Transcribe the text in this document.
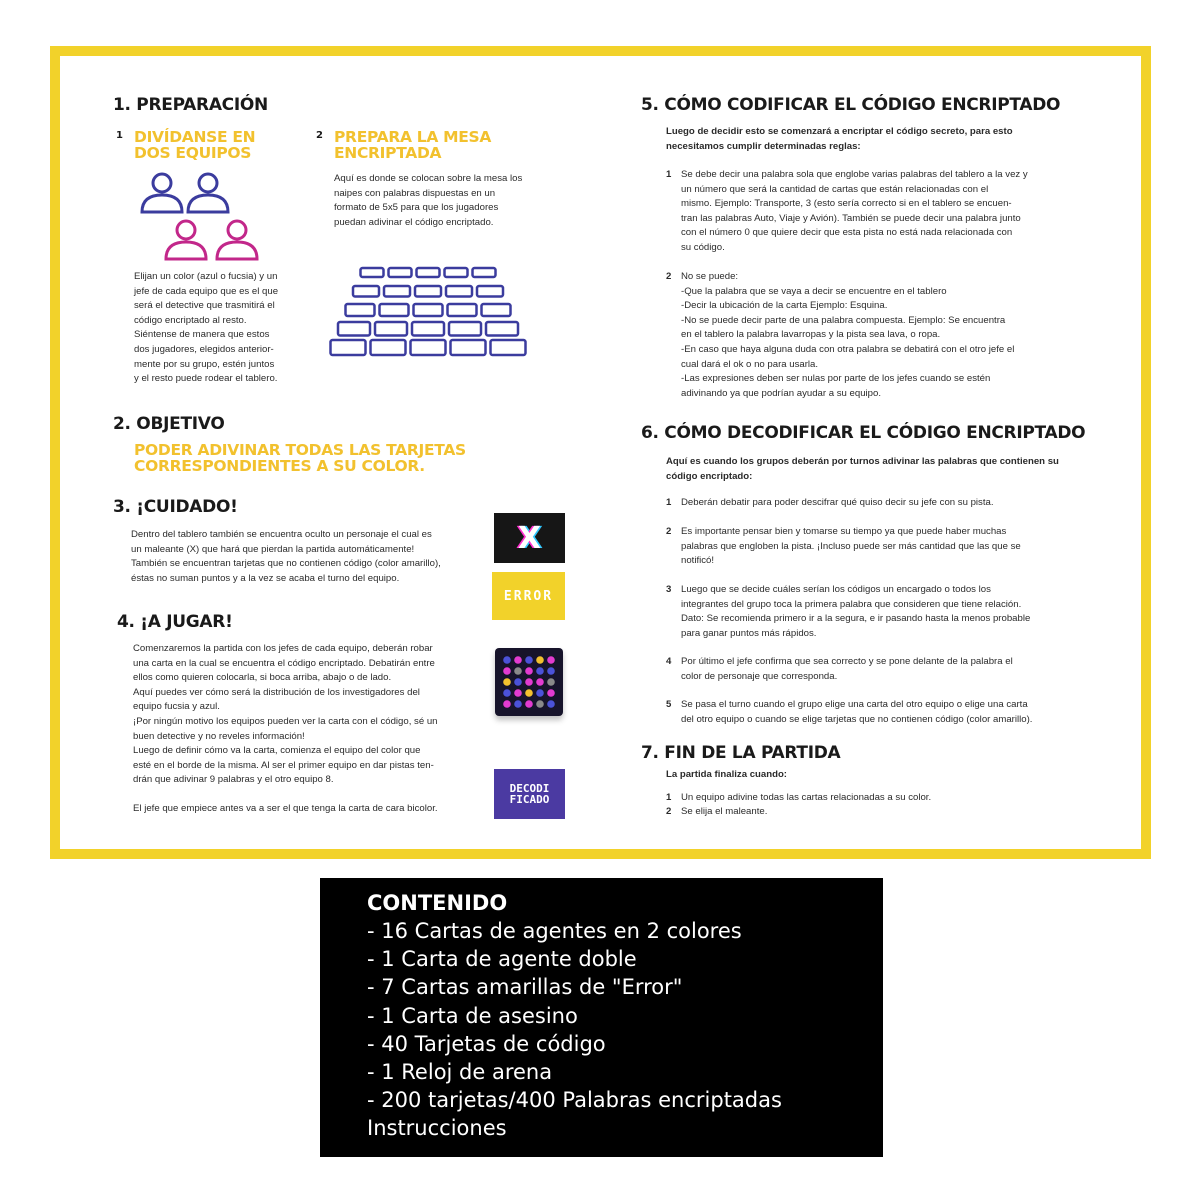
1. PREPARACIÓN
1 DIVÍDANSE EN
DOS EQUIPOS
2 PREPARA LA MESA
ENCRIPTADA
Elijan un color (azul o fucsia) y un
jefe de cada equipo que es el que
será el detective que trasmitirá el
código encriptado al resto.
Siéntense de manera que estos
dos jugadores, elegidos anterior-
mente por su grupo, estén juntos
y el resto puede rodear el tablero.
Aquí es donde se colocan sobre la mesa los
naipes con palabras dispuestas en un
formato de 5x5 para que los jugadores
puedan adivinar el código encriptado.
2. OBJETIVO
PODER ADIVINAR TODAS LAS TARJETAS
CORRESPONDIENTES A SU COLOR.
3. ¡CUIDADO!
Dentro del tablero también se encuentra oculto un personaje el cual es
un maleante (X) que hará que pierdan la partida automáticamente!
También se encuentran tarjetas que no contienen código (color amarillo),
éstas no suman puntos y a la vez se acaba el turno del equipo.
4. ¡A JUGAR!
Comenzaremos la partida con los jefes de cada equipo, deberán robar
una carta en la cual se encuentra el código encriptado. Debatirán entre
ellos como quieren colocarla, si boca arriba, abajo o de lado.
Aquí puedes ver cómo será la distribución de los investigadores del
equipo fucsia y azul.
¡Por ningún motivo los equipos pueden ver la carta con el código, sé un
buen detective y no reveles información!
Luego de definir cómo va la carta, comienza el equipo del color que
esté en el borde de la misma. Al ser el primer equipo en dar pistas ten-
drán que adivinar 9 palabras y el otro equipo 8.
El jefe que empiece antes va a ser el que tenga la carta de cara bicolor.
X
ERROR
DECODI
FICADO
5. CÓMO CODIFICAR EL CÓDIGO ENCRIPTADO
Luego de decidir esto se comenzará a encriptar el código secreto, para esto
necesitamos cumplir determinadas reglas:
1 Se debe decir una palabra sola que englobe varias palabras del tablero a la vez y
un número que será la cantidad de cartas que están relacionadas con el
mismo. Ejemplo: Transporte, 3 (esto sería correcto si en el tablero se encuen-
tran las palabras Auto, Viaje y Avión). También se puede decir una palabra junto
con el número 0 que quiere decir que esta pista no está nada relacionada con
su código.
2 No se puede:
-Que la palabra que se vaya a decir se encuentre en el tablero
-Decir la ubicación de la carta Ejemplo: Esquina.
-No se puede decir parte de una palabra compuesta. Ejemplo: Se encuentra
en el tablero la palabra lavarropas y la pista sea lava, o ropa.
-En caso que haya alguna duda con otra palabra se debatirá con el otro jefe el
cual dará el ok o no para usarla.
-Las expresiones deben ser nulas por parte de los jefes cuando se estén
adivinando ya que podrían ayudar a su equipo.
6. CÓMO DECODIFICAR EL CÓDIGO ENCRIPTADO
Aquí es cuando los grupos deberán por turnos adivinar las palabras que contienen su
código encriptado:
1 Deberán debatir para poder descifrar qué quiso decir su jefe con su pista.
2 Es importante pensar bien y tomarse su tiempo ya que puede haber muchas
palabras que engloben la pista. ¡Incluso puede ser más cantidad que las que se
notificó!
3 Luego que se decide cuáles serían los códigos un encargado o todos los
integrantes del grupo toca la primera palabra que consideren que tiene relación.
Dato: Se recomienda primero ir a la segura, e ir pasando hasta la menos probable
para ganar puntos más rápidos.
4 Por último el jefe confirma que sea correcto y se pone delante de la palabra el
color de personaje que corresponda.
5 Se pasa el turno cuando el grupo elige una carta del otro equipo o elige una carta
del otro equipo o cuando se elige tarjetas que no contienen código (color amarillo).
7. FIN DE LA PARTIDA
La partida finaliza cuando:
1 Un equipo adivine todas las cartas relacionadas a su color.
2 Se elija el maleante.
CONTENIDO
- 16 Cartas de agentes en 2 colores
- 1 Carta de agente doble
- 7 Cartas amarillas de "Error"
- 1 Carta de asesino
- 40 Tarjetas de código
- 1 Reloj de arena
- 200 tarjetas/400 Palabras encriptadas
Instrucciones
